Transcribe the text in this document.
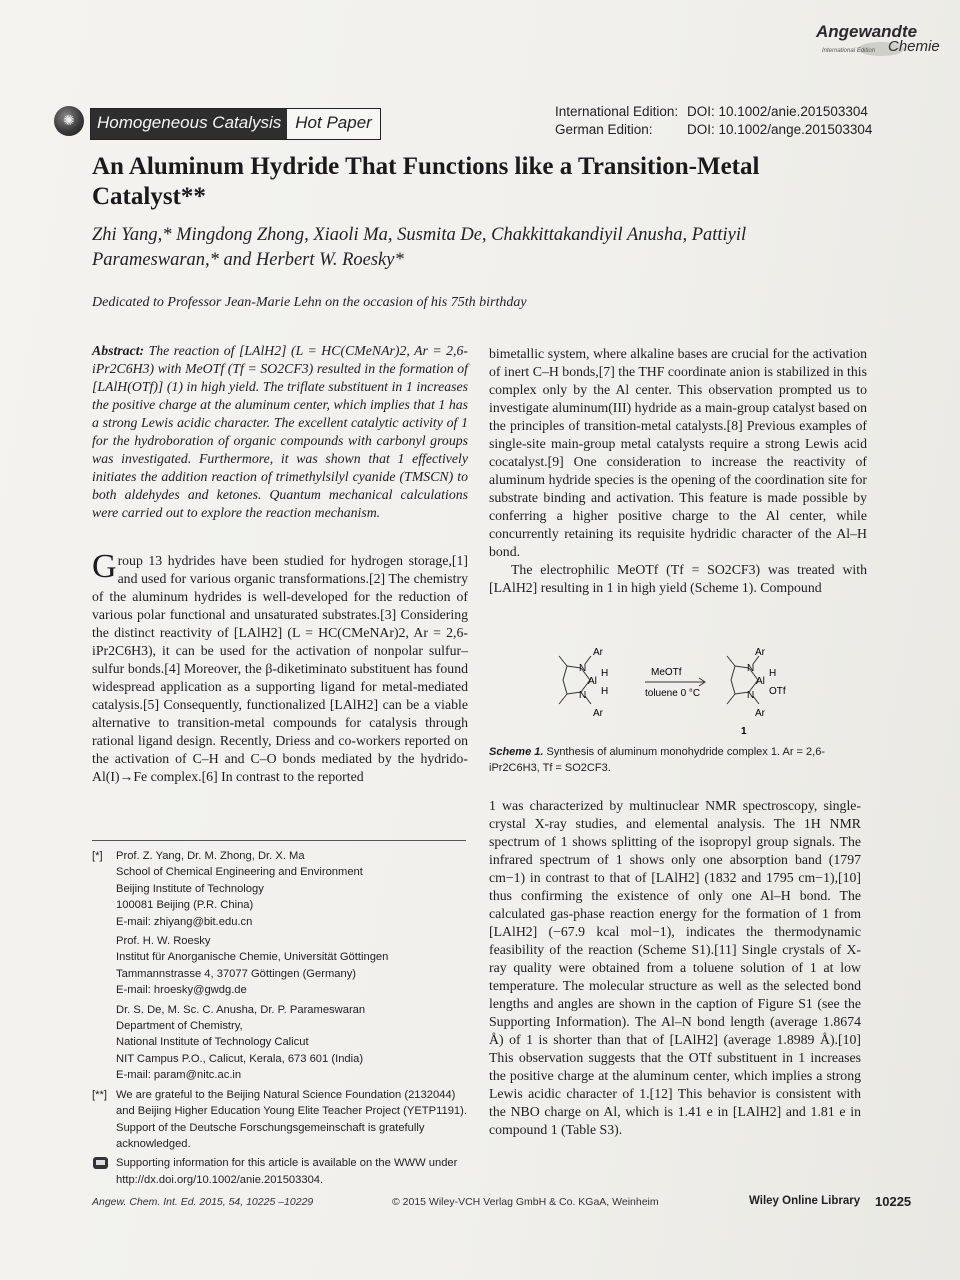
Angewandte
International Edition Chemie
✺	Homogeneous Catalysis Hot Paper
International Edition: DOI: 10.1002/anie.201503304
German Edition:	DOI: 10.1002/ange.201503304
An Aluminum Hydride That Functions like a Transition-Metal Catalyst**
Zhi Yang,* Mingdong Zhong, Xiaoli Ma, Susmita De, Chakkittakandiyil Anusha, Pattiyil Parameswaran,* and Herbert W. Roesky*
Dedicated to Professor Jean-Marie Lehn on the occasion of his 75th birthday

Abstract: The reaction of [LAlH2] (L = HC(CMeNAr)2, Ar = 2,6-iPr2C6H3) with MeOTf (Tf = SO2CF3) resulted in the formation of [LAlH(OTf)] (1) in high yield. The triflate substituent in 1 increases the positive charge at the aluminum center, which implies that 1 has a strong Lewis acidic character. The excellent catalytic activity of 1 for the hydroboration of organic compounds with carbonyl groups was investigated. Furthermore, it was shown that 1 effectively initiates the addition reaction of trimethylsilyl cyanide (TMSCN) to both aldehydes and ketones. Quantum mechanical calculations were carried out to explore the reaction mechanism.

Group 13 hydrides have been studied for hydrogen storage,[1] and used for various organic transformations.[2] The chemistry of the aluminum hydrides is well-developed for the reduction of various polar functional and unsaturated substrates.[3] Considering the distinct reactivity of [LAlH2] (L = HC(CMeNAr)2, Ar = 2,6-iPr2C6H3), it can be used for the activation of nonpolar sulfur–sulfur bonds.[4] Moreover, the β-diketiminato substituent has found widespread application as a supporting ligand for metal-mediated catalysis.[5] Consequently, functionalized [LAlH2] can be a viable alternative to transition-metal compounds for catalysis through rational ligand design. Recently, Driess and co-workers reported on the activation of C–H and C–O bonds mediated by the hydrido-Al(I)→Fe complex.[6] In contrast to the reported

bimetallic system, where alkaline bases are crucial for the activation of inert C–H bonds,[7] the THF coordinate anion is stabilized in this complex only by the Al center. This observation prompted us to investigate aluminum(III) hydride as a main-group catalyst based on the principles of transition-metal catalysts.[8] Previous examples of single-site main-group metal catalysts require a strong Lewis acid cocatalyst.[9] One consideration to increase the reactivity of aluminum hydride species is the opening of the coordination site for substrate binding and activation. This feature is made possible by conferring a higher positive charge to the Al center, while concurrently retaining its requisite hydridic character of the Al–H bond.

The electrophilic MeOTf (Tf = SO2CF3) was treated with [LAlH2] resulting in 1 in high yield (Scheme 1). Compound

Ar
N
Al
H
H
N
Ar
MeOTf
toluene 0 °C
Ar
N
Al
H
OTf
N
Ar
1
Scheme 1. Synthesis of aluminum monohydride complex 1. Ar = 2,6-iPr2C6H3, Tf = SO2CF3.

1 was characterized by multinuclear NMR spectroscopy, single-crystal X-ray studies, and elemental analysis. The 1H NMR spectrum of 1 shows splitting of the isopropyl group signals. The infrared spectrum of 1 shows only one absorption band (1797 cm−1) in contrast to that of [LAlH2] (1832 and 1795 cm−1),[10] thus confirming the existence of only one Al–H bond. The calculated gas-phase reaction energy for the formation of 1 from [LAlH2] (−67.9 kcal mol−1), indicates the thermodynamic feasibility of the reaction (Scheme S1).[11] Single crystals of X-ray quality were obtained from a toluene solution of 1 at low temperature. The molecular structure as well as the selected bond lengths and angles are shown in the caption of Figure S1 (see the Supporting Information). The Al–N bond length (average 1.8674 Å) of 1 is shorter than that of [LAlH2] (average 1.8989 Å).[10] This observation suggests that the OTf substituent in 1 increases the positive charge at the aluminum center, which implies a strong Lewis acidic character of 1.[12] This behavior is consistent with the NBO charge on Al, which is 1.41 e in [LAlH2] and 1.81 e in compound 1 (Table S3).

[*]	Prof. Z. Yang, Dr. M. Zhong, Dr. X. Ma
School of Chemical Engineering and Environment
Beijing Institute of Technology
100081 Beijing (P.R. China)
E-mail: zhiyang@bit.edu.cn
Prof. H. W. Roesky
Institut für Anorganische Chemie, Universität Göttingen
Tammannstrasse 4, 37077 Göttingen (Germany)
E-mail: hroesky@gwdg.de
Dr. S. De, M. Sc. C. Anusha, Dr. P. Parameswaran
Department of Chemistry,
National Institute of Technology Calicut
NIT Campus P.O., Calicut, Kerala, 673 601 (India)
E-mail: param@nitc.ac.in
[**] We are grateful to the Beijing Natural Science Foundation (2132044) and Beijing Higher Education Young Elite Teacher Project (YETP1191). Support of the Deutsche Forschungsgemeinschaft is gratefully acknowledged.
Supporting information for this article is available on the WWW under http://dx.doi.org/10.1002/anie.201503304.
Angew. Chem. Int. Ed. 2015, 54, 10225 –10229	© 2015 Wiley-VCH Verlag GmbH & Co. KGaA, Weinheim	Wiley Online Library 10225
